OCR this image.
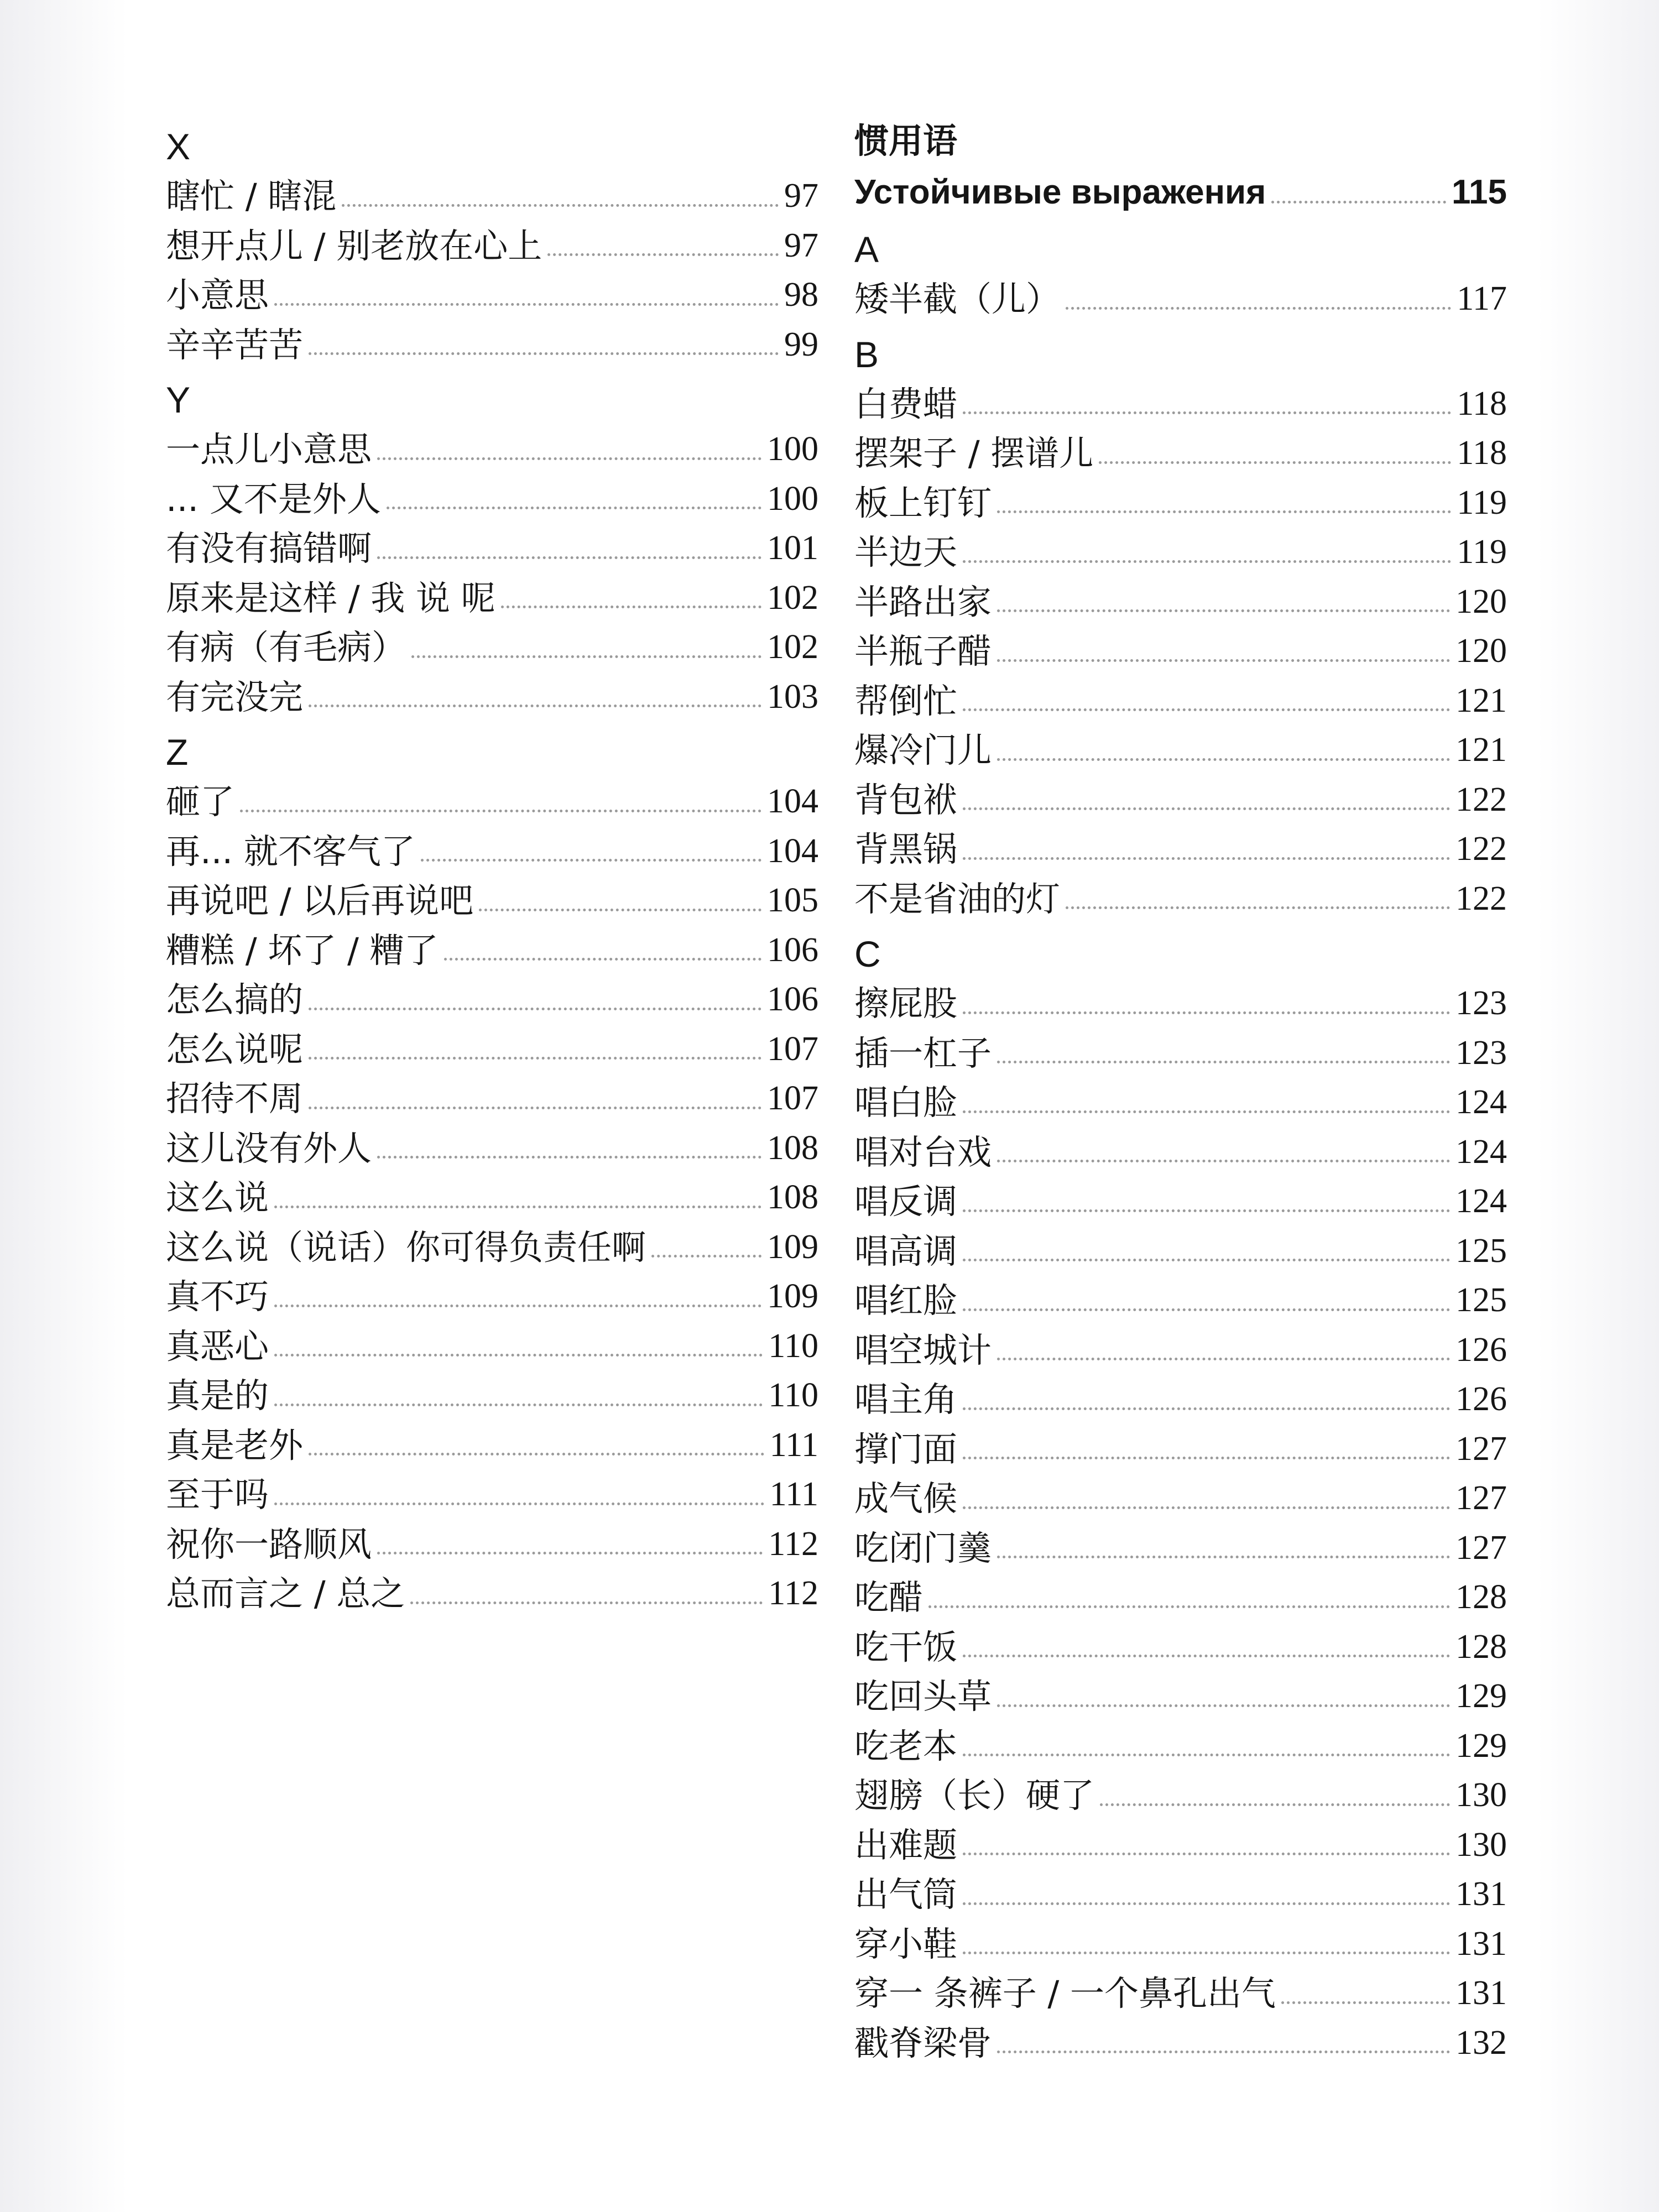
X
瞎忙 / 瞎混	97
想开点儿 / 别老放在心上	97
小意思	98
辛辛苦苦	99
Y
一点儿小意思	100
... 又不是外人	100
有没有搞错啊	101
原来是这样 / 我 说 呢	102
有病（有毛病）	102
有完没完	103
Z
砸了	104
再... 就不客气了	104
再说吧 / 以后再说吧	105
糟糕 / 坏了 / 糟了	106
怎么搞的	106
怎么说呢	107
招待不周	107
这儿没有外人	108
这么说	108
这么说（说话）你可得负责任啊	109
真不巧	109
真恶心	110
真是的	110
真是老外	111
至于吗	111
祝你一路顺风	112
总而言之 / 总之	112
惯用语
Устойчивые выражения	115
A
矮半截（儿）	117
B
白费蜡	118
摆架子 / 摆谱儿	118
板上钉钉	119
半边天	119
半路出家	120
半瓶子醋	120
帮倒忙	121
爆冷门儿	121
背包袱	122
背黑锅	122
不是省油的灯	122
C
擦屁股	123
插一杠子	123
唱白脸	124
唱对台戏	124
唱反调	124
唱高调	125
唱红脸	125
唱空城计	126
唱主角	126
撑门面	127
成气候	127
吃闭门羹	127
吃醋	128
吃干饭	128
吃回头草	129
吃老本	129
翅膀（长）硬了	130
出难题	130
出气筒	131
穿小鞋	131
穿一 条裤子 / 一个鼻孔出气	131
戳脊梁骨	132
